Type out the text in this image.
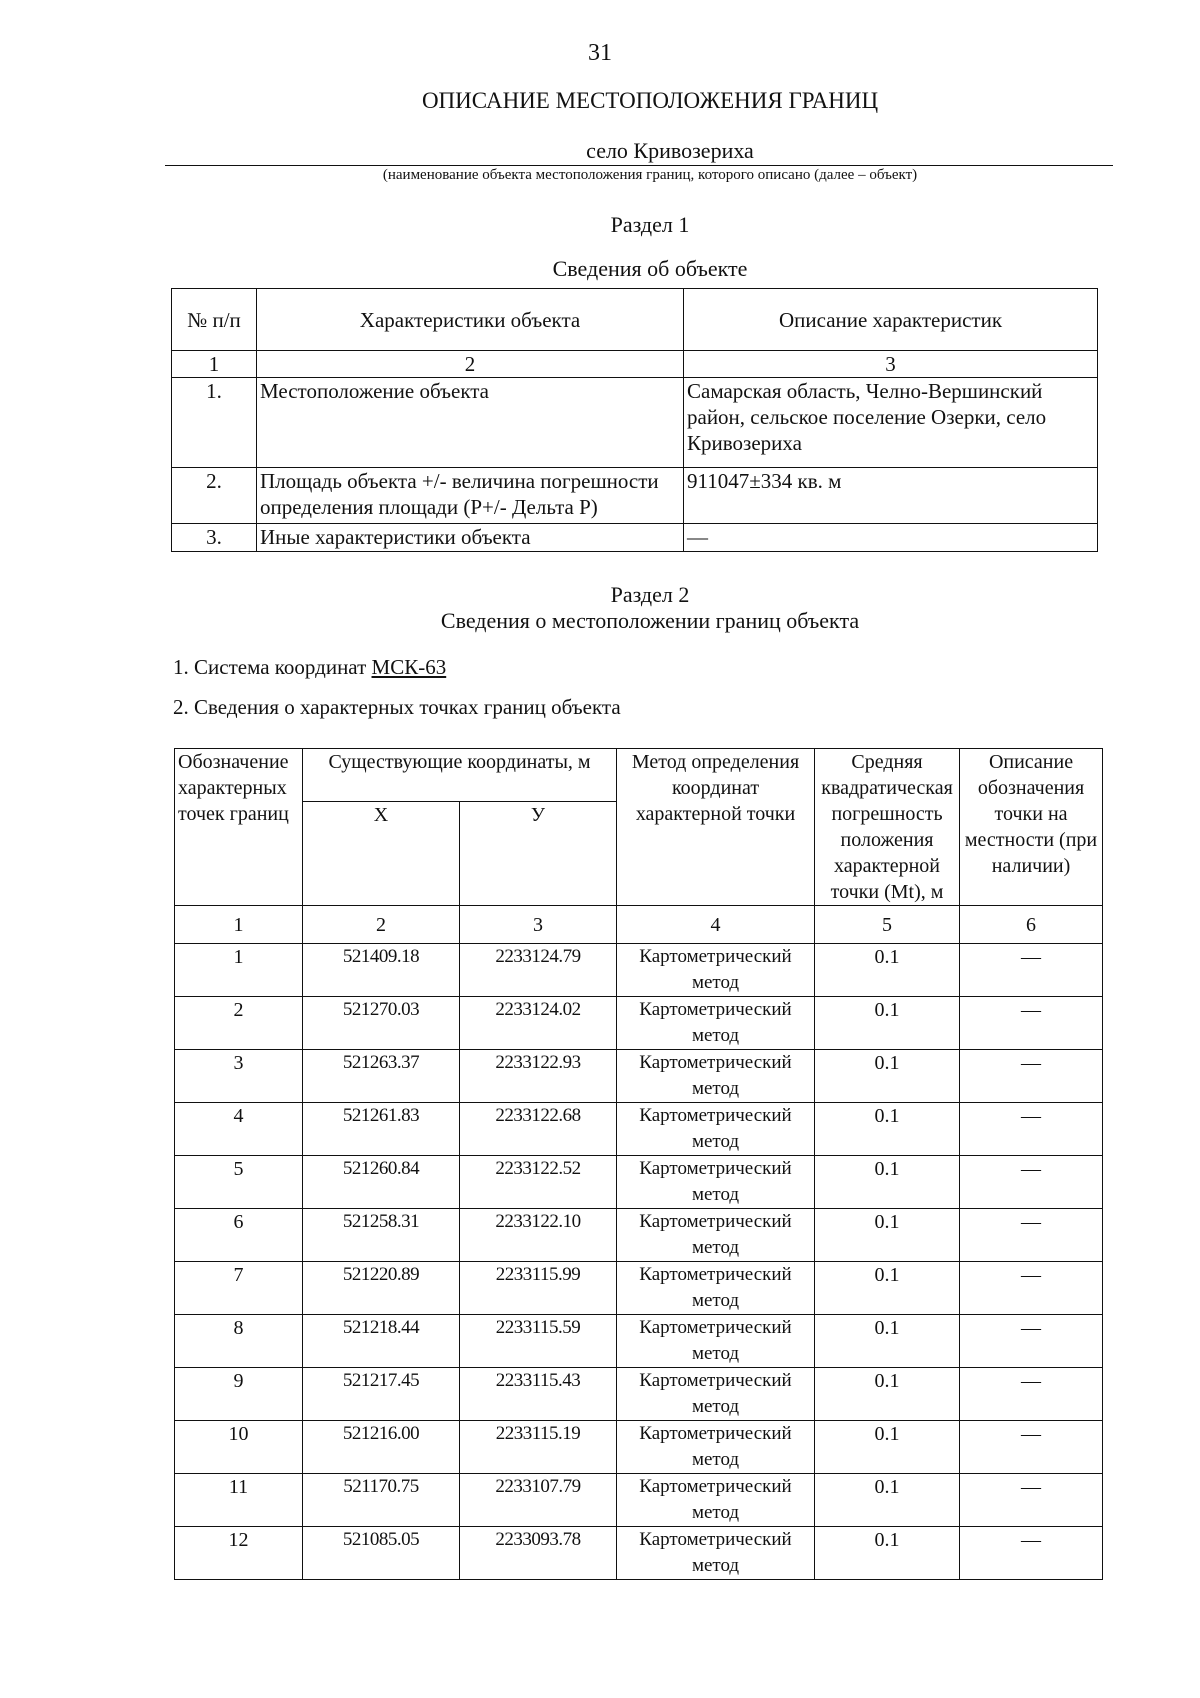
31
ОПИСАНИЕ МЕСТОПОЛОЖЕНИЯ ГРАНИЦ
село Кривозериха
(наименование объекта местоположения границ, которого описано (далее – объект)
Раздел 1
Сведения об объекте
№ п/п	Характеристики объекта	Описание характеристик
1	2	3
1.	Местоположение объекта	Самарская область, Челно-Вершинский район, сельское поселение Озерки, село Кривозериха
2.	Площадь объекта +/- величина погрешности определения площади (P+/- Дельта P)	911047±334 кв. м
3.	Иные характеристики объекта	—
Раздел 2
Сведения о местоположении границ объекта
1. Система координат МСК-63
2. Сведения о характерных точках границ объекта
Обозначение характерных точек границ	Существующие координаты, м		Метод определения координат характерной точки	Средняя квадратическая погрешность положения характерной точки (Mt), м	Описание обозначения точки на местности (при наличии)
	X	У			
1	2	3	4	5	6
1	521409.18	2233124.79	Картометрический метод	0.1	—
2	521270.03	2233124.02	Картометрический метод	0.1	—
3	521263.37	2233122.93	Картометрический метод	0.1	—
4	521261.83	2233122.68	Картометрический метод	0.1	—
5	521260.84	2233122.52	Картометрический метод	0.1	—
6	521258.31	2233122.10	Картометрический метод	0.1	—
7	521220.89	2233115.99	Картометрический метод	0.1	—
8	521218.44	2233115.59	Картометрический метод	0.1	—
9	521217.45	2233115.43	Картометрический метод	0.1	—
10	521216.00	2233115.19	Картометрический метод	0.1	—
11	521170.75	2233107.79	Картометрический метод	0.1	—
12	521085.05	2233093.78	Картометрический метод	0.1	—
